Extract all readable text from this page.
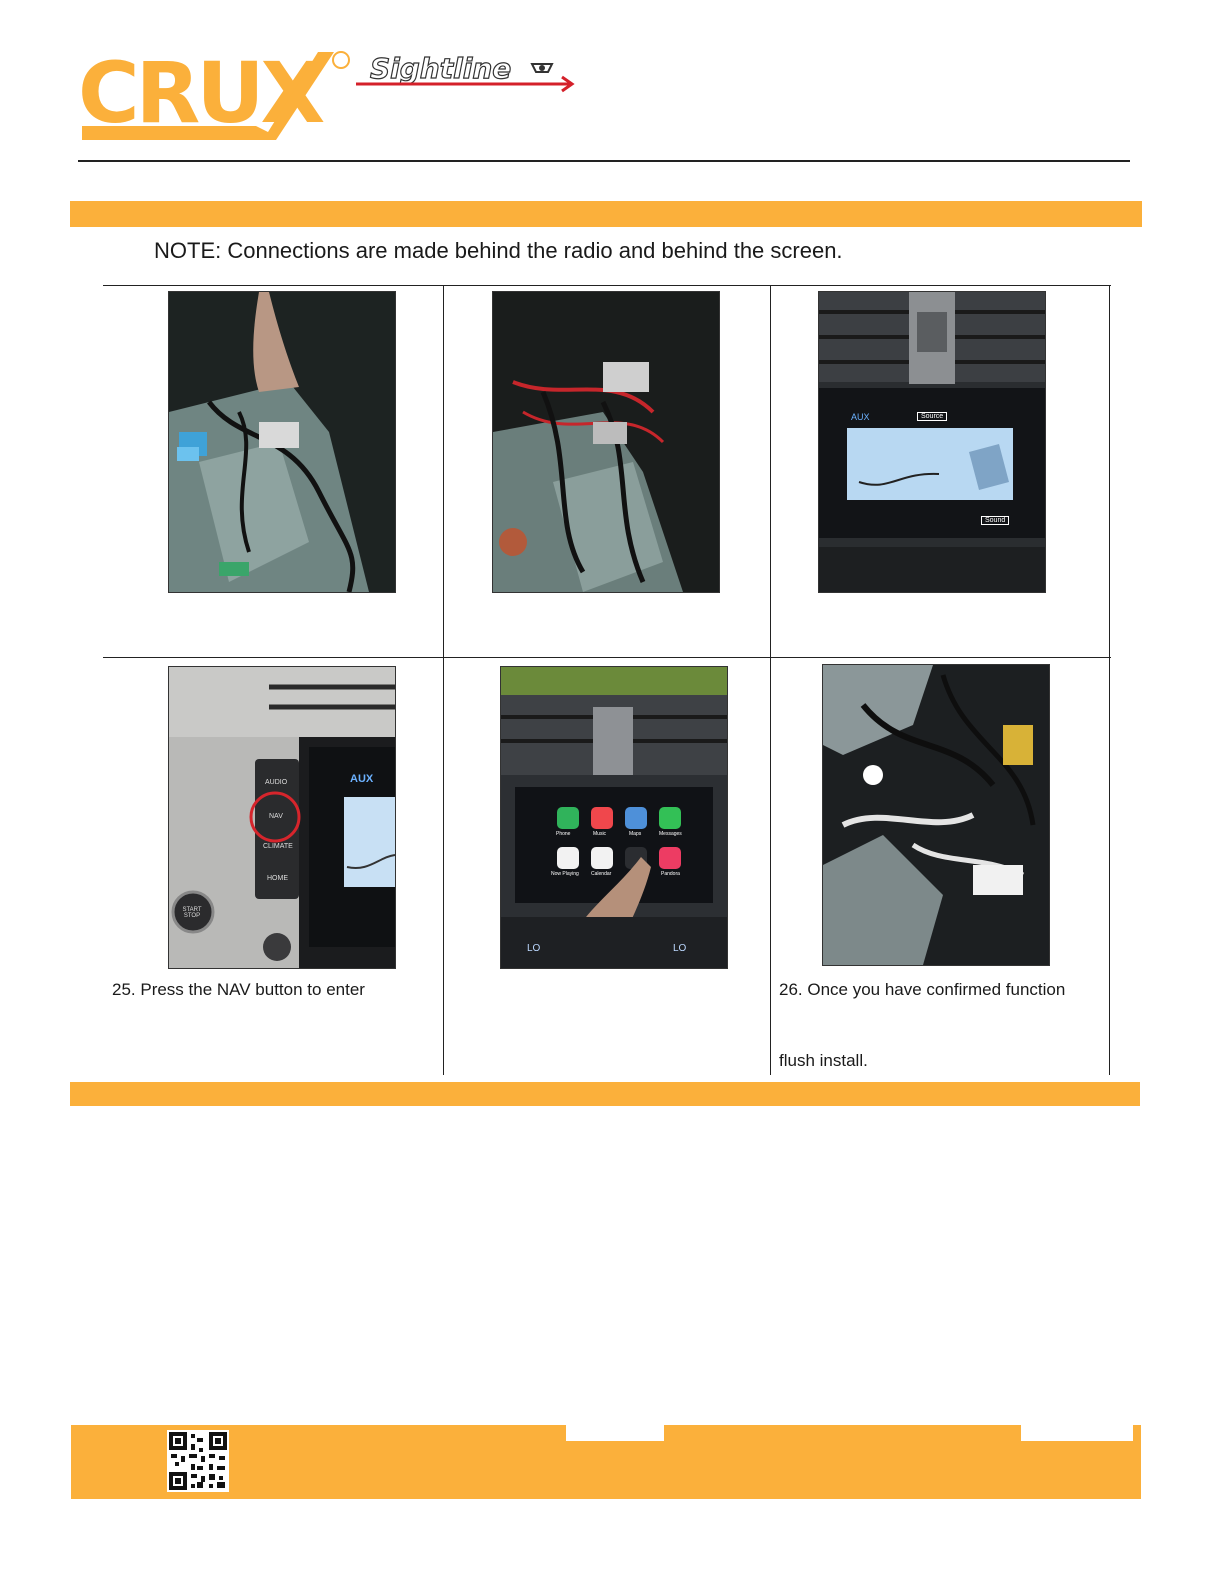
CRUX Sightline
NOTE: Connections are made behind the radio and behind the screen.
AUX	Source
Sound
AUX
AUDIO
NAV
CLIMATE
HOME
START STOP
Phone	Music	Maps	Messages
Now Playing Calendar	Pandora
LO	LO
25. Press the NAV button to enter	26. Once you have confirmed function
flush install.
